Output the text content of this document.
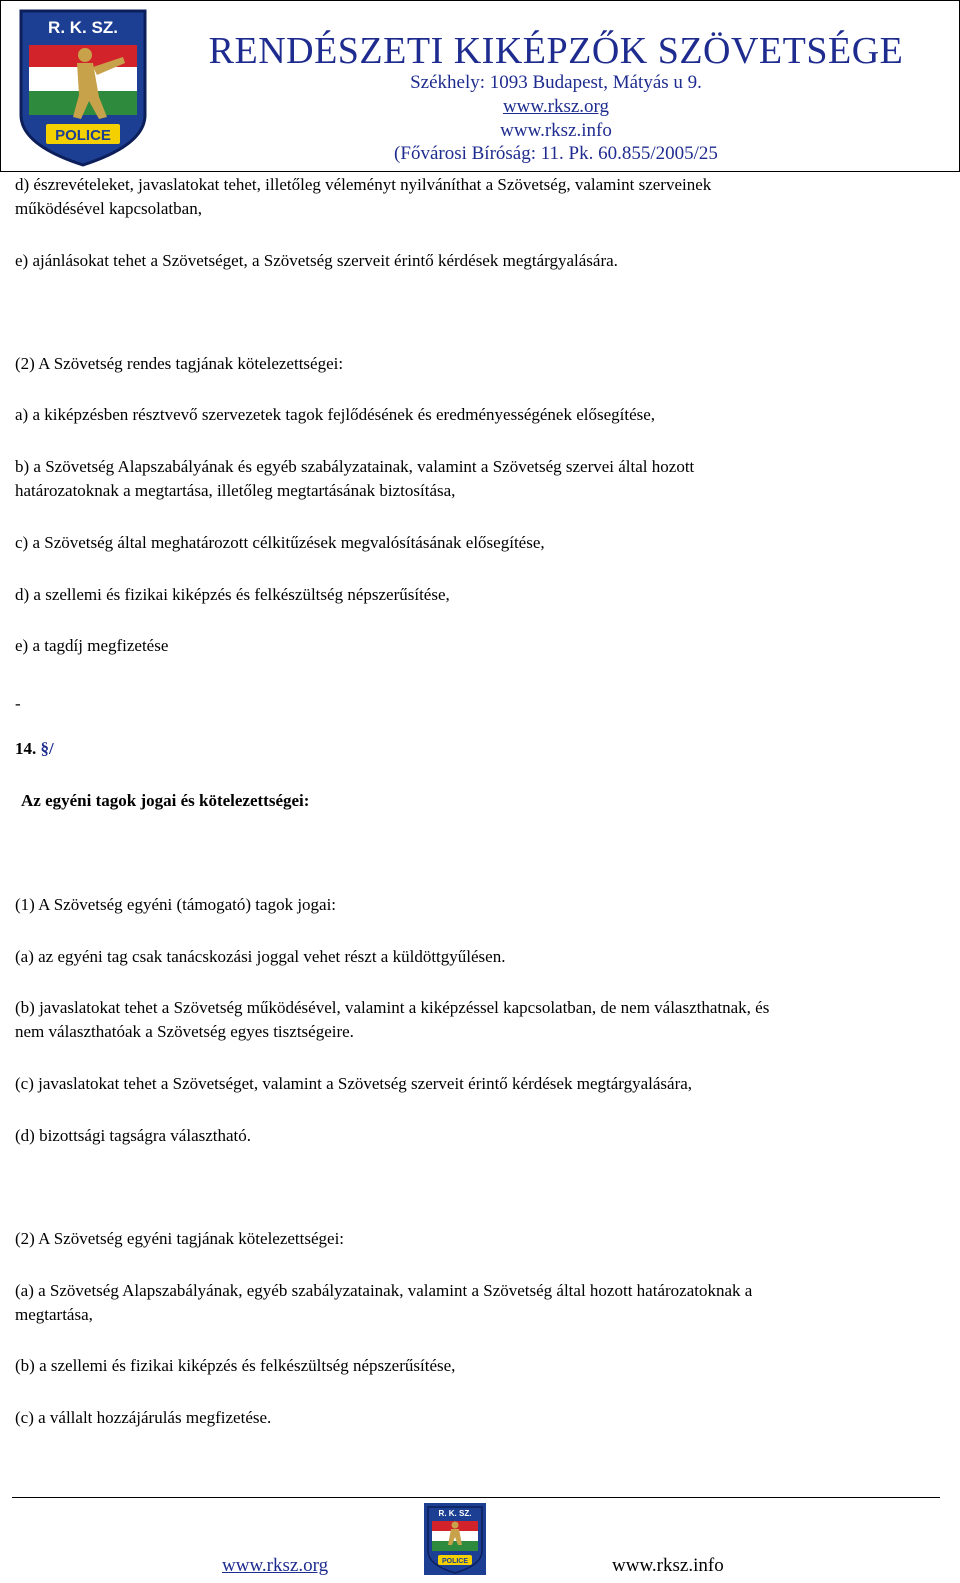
R. K. SZ.
POLICE
RENDÉSZETI KIKÉPZŐK SZÖVETSÉGE
Székhely: 1093 Budapest, Mátyás u 9.
www.rksz.org
www.rksz.info
(Fővárosi Bíróság: 11. Pk. 60.855/2005/25
d) észrevételeket, javaslatokat tehet, illetőleg véleményt nyilváníthat a Szövetség, valamint szerveinek
működésével kapcsolatban,
e) ajánlásokat tehet a Szövetséget, a Szövetség szerveit érintő kérdések megtárgyalására.
(2) A Szövetség rendes tagjának kötelezettségei:
a) a kiképzésben résztvevő szervezetek tagok fejlődésének és eredményességének elősegítése,
b) a Szövetség Alapszabályának és egyéb szabályzatainak, valamint a Szövetség szervei által hozott
határozatoknak a megtartása, illetőleg megtartásának biztosítása,
c) a Szövetség által meghatározott célkitűzések megvalósításának elősegítése,
d) a szellemi és fizikai kiképzés és felkészültség népszerűsítése,
e) a tagdíj megfizetése
-
14. §/
Az egyéni tagok jogai és kötelezettségei:
(1) A Szövetség egyéni (támogató) tagok jogai:
(a) az egyéni tag csak tanácskozási joggal vehet részt a küldöttgyűlésen.
(b) javaslatokat tehet a Szövetség működésével, valamint a kiképzéssel kapcsolatban, de nem választhatnak, és
nem választhatóak a Szövetség egyes tisztségeire.
(c) javaslatokat tehet a Szövetséget, valamint a Szövetség szerveit érintő kérdések megtárgyalására,
(d) bizottsági tagságra választható.
(2) A Szövetség egyéni tagjának kötelezettségei:
(a) a Szövetség Alapszabályának, egyéb szabályzatainak, valamint a Szövetség által hozott határozatoknak a
megtartása,
(b) a szellemi és fizikai kiképzés és felkészültség népszerűsítése,
(c) a vállalt hozzájárulás megfizetése.
R. K. SZ.
POLICE
www.rksz.org	www.rksz.info
